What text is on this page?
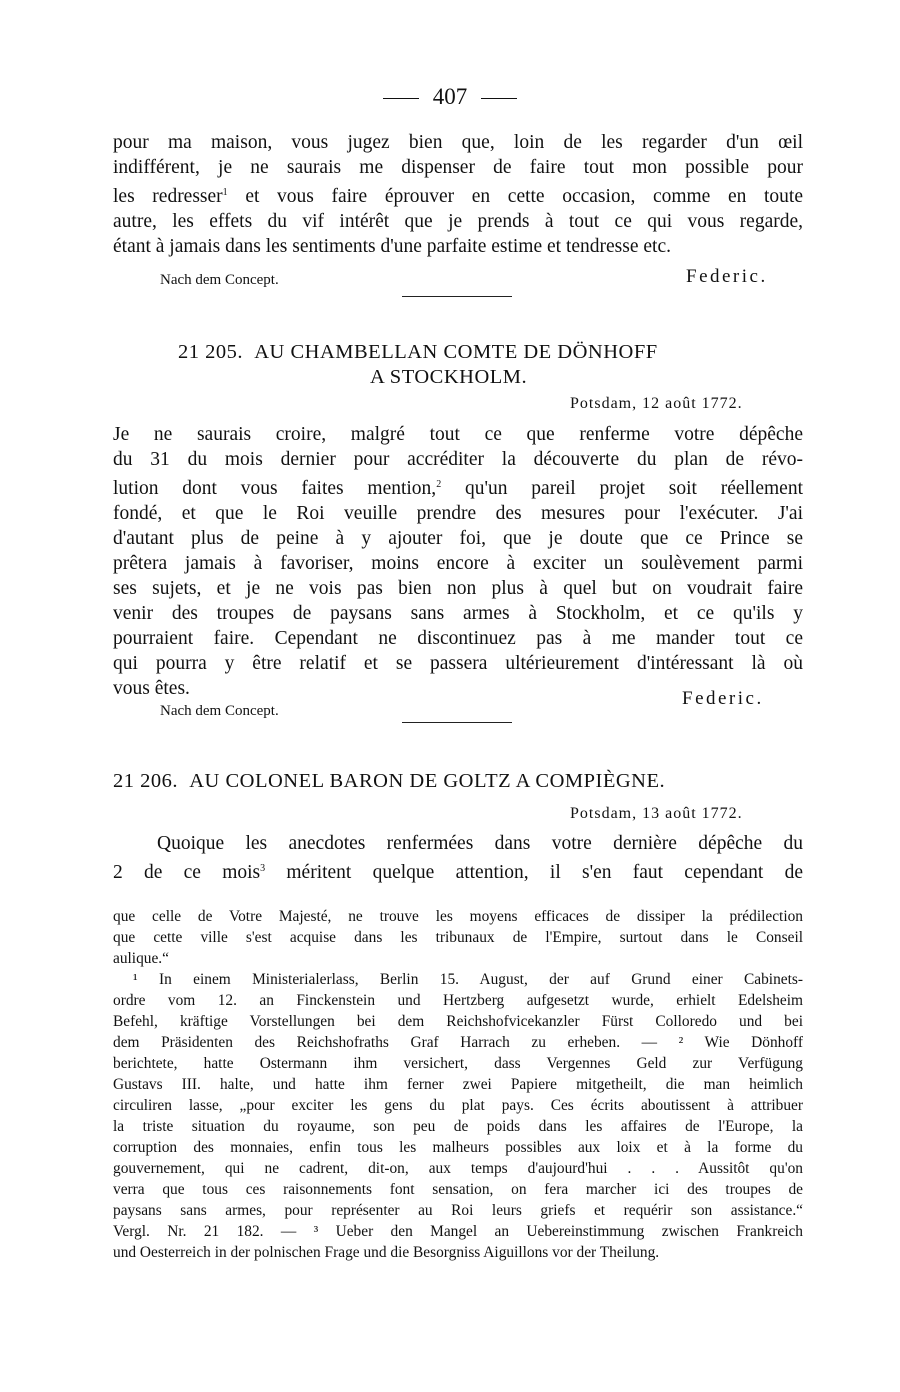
407
pour ma maison, vous jugez bien que, loin de les regarder d'un œil
indifférent, je ne saurais me dispenser de faire tout mon possible pour
les redresser$^1$ et vous faire éprouver en cette occasion, comme en toute
autre, les effets du vif intérêt que je prends à tout ce qui vous regarde,
étant à jamais dans les sentiments d'une parfaite estime et tendresse etc.
Nach dem Concept.	Federic.
21 205. AU CHAMBELLAN COMTE DE DÖNHOFF
A STOCKHOLM.
Potsdam, 12 août 1772.
Je ne saurais croire, malgré tout ce que renferme votre dépêche
du 31 du mois dernier pour accréditer la découverte du plan de révo-
lution dont vous faites mention,$^2$ qu'un pareil projet soit réellement
fondé, et que le Roi veuille prendre des mesures pour l'exécuter. J'ai
d'autant plus de peine à y ajouter foi, que je doute que ce Prince se
prêtera jamais à favoriser, moins encore à exciter un soulèvement parmi
ses sujets, et je ne vois pas bien non plus à quel but on voudrait faire
venir des troupes de paysans sans armes à Stockholm, et ce qu'ils y
pourraient faire. Cependant ne discontinuez pas à me mander tout ce
qui pourra y être relatif et se passera ultérieurement d'intéressant là où
vous êtes.
Nach dem Concept.
Federic.
21 206. AU COLONEL BARON DE GOLTZ A COMPIÈGNE.
Potsdam, 13 août 1772.
Quoique les anecdotes renfermées dans votre dernière dépêche du
2 de ce mois$^3$ méritent quelque attention, il s'en faut cependant de
que celle de Votre Majesté, ne trouve les moyens efficaces de dissiper la prédilection
que cette ville s'est acquise dans les tribunaux de l'Empire, surtout dans le Conseil
aulique.“
¹ In einem Ministerialerlass, Berlin 15. August, der auf Grund einer Cabinets-
ordre vom 12. an Finckenstein und Hertzberg aufgesetzt wurde, erhielt Edelsheim
Befehl, kräftige Vorstellungen bei dem Reichshofvicekanzler Fürst Colloredo und bei
dem Präsidenten des Reichshofraths Graf Harrach zu erheben. — ² Wie Dönhoff
berichtete, hatte Ostermann ihm versichert, dass Vergennes Geld zur Verfügung
Gustavs III. halte, und hatte ihm ferner zwei Papiere mitgetheilt, die man heimlich
circuliren lasse, „pour exciter les gens du plat pays. Ces écrits aboutissent à attribuer
la triste situation du royaume, son peu de poids dans les affaires de l'Europe, la
corruption des monnaies, enfin tous les malheurs possibles aux loix et à la forme du
gouvernement, qui ne cadrent, dit-on, aux temps d'aujourd'hui . . . Aussitôt qu'on
verra que tous ces raisonnements font sensation, on fera marcher ici des troupes de
paysans sans armes, pour représenter au Roi leurs griefs et requérir son assistance.“
Vergl. Nr. 21 182. — ³ Ueber den Mangel an Uebereinstimmung zwischen Frankreich
und Oesterreich in der polnischen Frage und die Besorgniss Aiguillons vor der Theilung.
